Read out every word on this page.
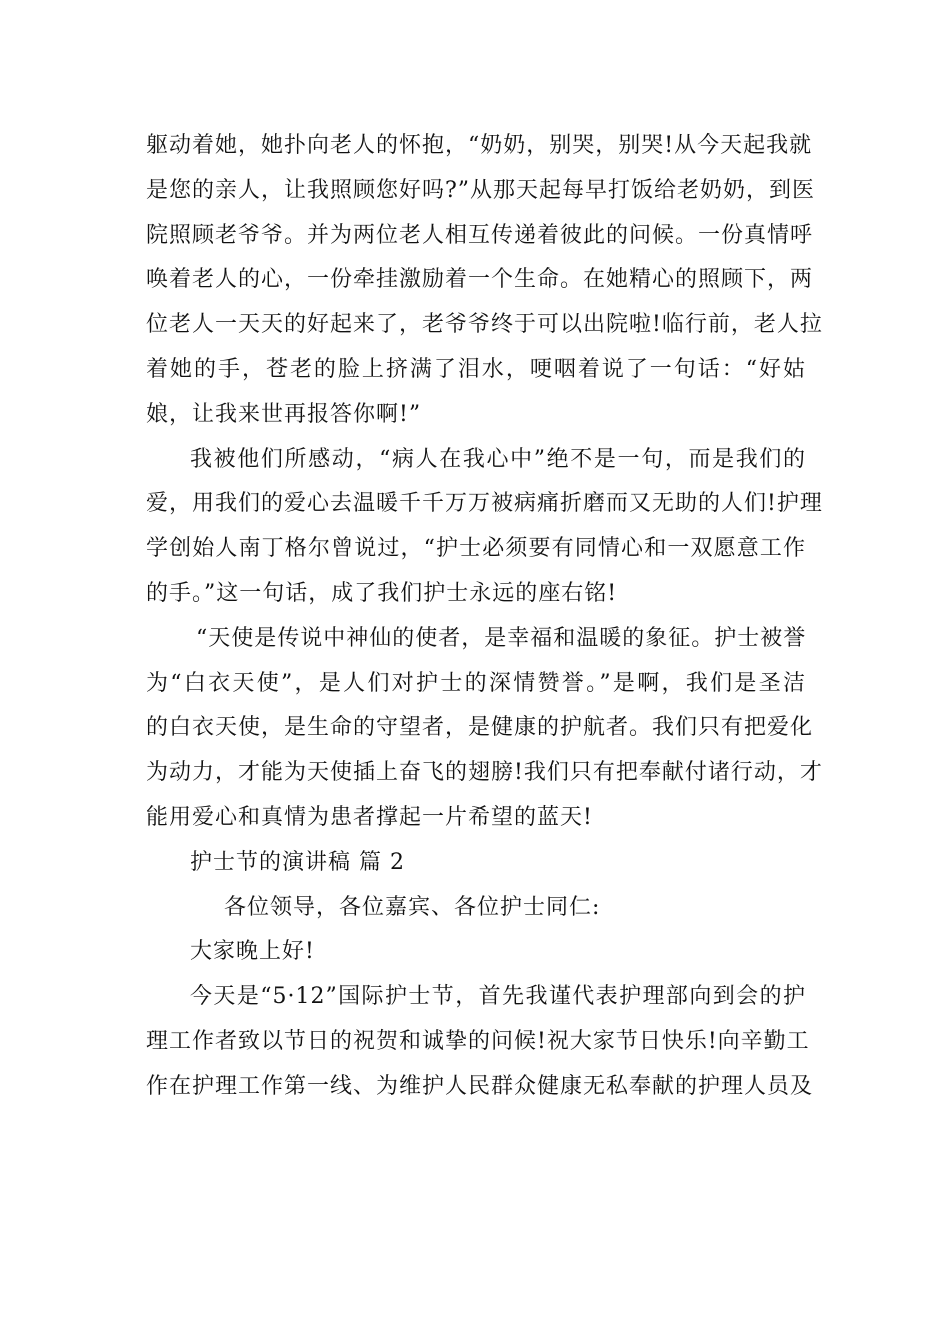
躯动着她，她扑向老人的怀抱，“奶奶，别哭，别哭!从今天起我就
是您的亲人，让我照顾您好吗?”从那天起每早打饭给老奶奶，到医
院照顾老爷爷。并为两位老人相互传递着彼此的问候。一份真情呼
唤着老人的心，一份牵挂激励着一个生命。在她精心的照顾下，两
位老人一天天的好起来了，老爷爷终于可以出院啦!临行前，老人拉
着她的手，苍老的脸上挤满了泪水，哽咽着说了一句话：“好姑
娘，让我来世再报答你啊!”

我被他们所感动，“病人在我心中”绝不是一句，而是我们的
爱，用我们的爱心去温暖千千万万被病痛折磨而又无助的人们!护理
学创始人南丁格尔曾说过，“护士必须要有同情心和一双愿意工作
的手。”这一句话，成了我们护士永远的座右铭!

“天使是传说中神仙的使者，是幸福和温暖的象征。护士被誉
为“白衣天使”，是人们对护士的深情赞誉。”是啊，我们是圣洁
的白衣天使，是生命的守望者，是健康的护航者。我们只有把爱化
为动力，才能为天使插上奋飞的翅膀!我们只有把奉献付诸行动，才
能用爱心和真情为患者撑起一片希望的蓝天!

护士节的演讲稿 篇 2

各位领导，各位嘉宾、各位护士同仁:

大家晚上好!

今天是“5·12”国际护士节，首先我谨代表护理部向到会的护
理工作者致以节日的祝贺和诚挚的问候!祝大家节日快乐!向辛勤工
作在护理工作第一线、为维护人民群众健康无私奉献的护理人员及
